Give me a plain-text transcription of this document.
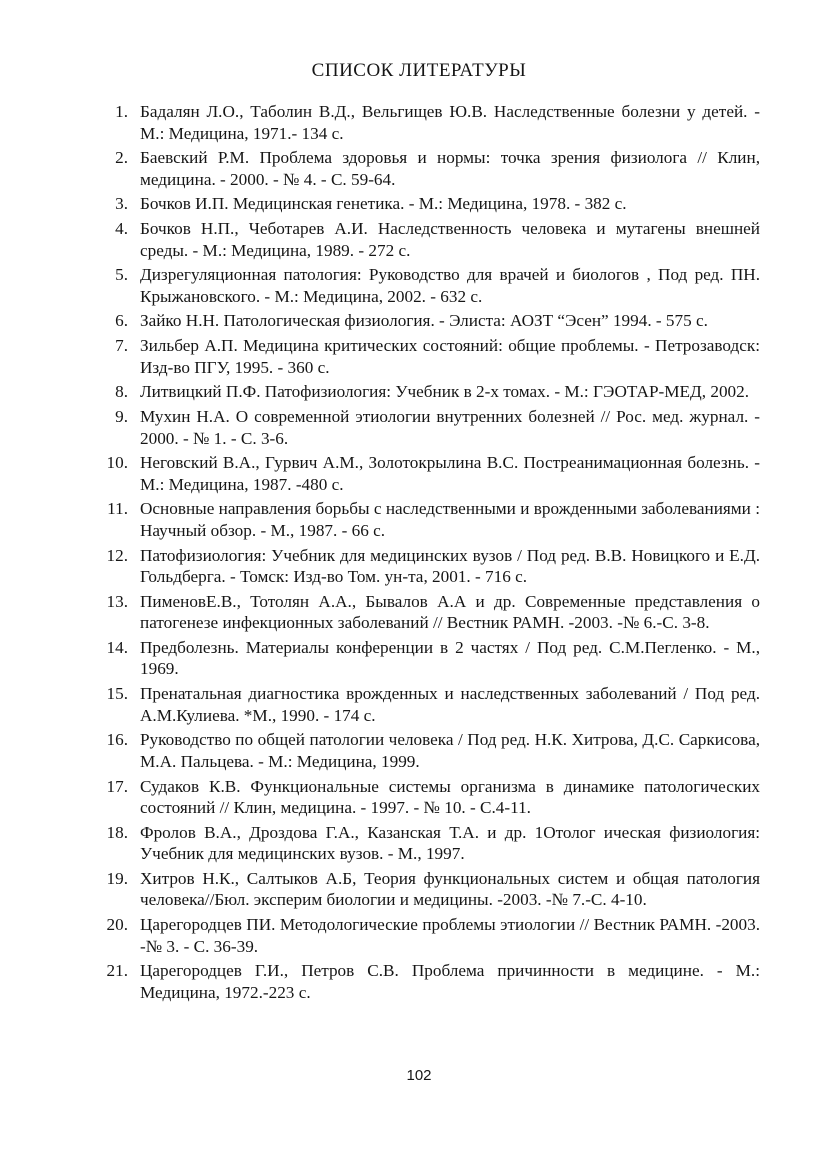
СПИСОК ЛИТЕРАТУРЫ
1. Бадалян Л.О., Таболин В.Д., Вельгищев Ю.В. Наследственные болезни у детей. - М.: Медицина, 1971.- 134 с.
2. Баевский Р.М. Проблема здоровья и нормы: точка зрения физиолога // Клин, медицина. - 2000. - № 4. - С. 59-64.
3. Бочков И.П. Медицинская генетика. - М.: Медицина, 1978. - 382 с.
4. Бочков Н.П., Чеботарев А.И. Наследственность человека и мутагены внешней среды. - М.: Медицина, 1989. - 272 с.
5. Дизрегуляционная патология: Руководство для врачей и биологов , Под ред. ПН. Крыжановского. - М.: Медицина, 2002. - 632 с.
6. Зайко Н.Н. Патологическая физиология. - Элиста: АОЗТ “Эсен” 1994. - 575 с.
7. Зильбер А.П. Медицина критических состояний: общие проблемы. - Петрозаводск: Изд-во ПГУ, 1995. - 360 с.
8. Литвицкий П.Ф. Патофизиология: Учебник в 2-х томах. - М.: ГЭОТАР-МЕД, 2002.
9. Мухин Н.А. О современной этиологии внутренних болезней // Рос. мед. журнал. - 2000. - № 1. - С. 3-6.
10. Неговский В.А., Гурвич А.М., Золотокрылина В.С. Постреанимационная болезнь. - М.: Медицина, 1987. -480 с.
11. Основные направления борьбы с наследственными и врожденными заболеваниями : Научный обзор. - М., 1987. - 66 с.
12. Патофизиология: Учебник для медицинских вузов / Под ред. В.В. Новицкого и Е.Д. Гольдберга. - Томск: Изд-во Том. ун-та, 2001. - 716 с.
13. ПименовЕ.В., Тотолян А.А., Бывалов А.А и др. Современные представления о патогенезе инфекционных заболеваний // Вестник РАМН. -2003. -№ 6.-С. 3-8.
14. Предболезнь. Материалы конференции в 2 частях / Под ред. С.М.Пегленко. - М., 1969.
15. Пренатальная диагностика врожденных и наследственных заболеваний / Под ред. А.М.Кулиева. *М., 1990. - 174 с.
16. Руководство по общей патологии человека / Под ред. Н.К. Хитрова, Д.С. Саркисова, М.А. Пальцева. - М.: Медицина, 1999.
17. Судаков К.В. Функциональные системы организма в динамике патологических состояний // Клин, медицина. - 1997. - № 10. - С.4-11.
18. Фролов В.А., Дроздова Г.А., Казанская Т.А. и др. 1Отолог ическая физиология: Учебник для медицинских вузов. - М., 1997.
19. Хитров Н.К., Салтыков А.Б, Теория функциональных систем и общая патология человека//Бюл. эксперим биологии и медицины. -2003. -№ 7.-С. 4-10.
20. Царегородцев ПИ. Методологические проблемы этиологии // Вестник РАМН. -2003. -№ 3. - С. 36-39.
21. Царегородцев Г.И., Петров С.В. Проблема причинности в медицине. - М.: Медицина, 1972.-223 с.
102
